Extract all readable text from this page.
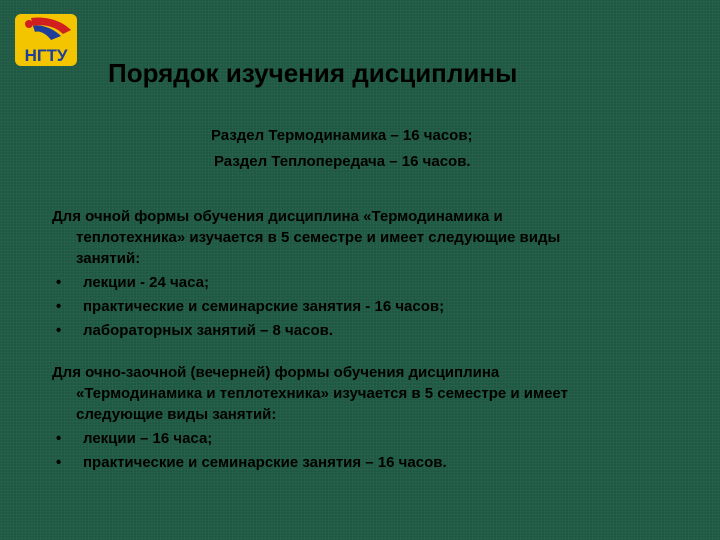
НГТУ
Порядок изучения дисциплины
Раздел Термодинамика – 16 часов;
Раздел Теплопередача – 16 часов.
Для очной формы обучения дисциплина «Термодинамика и
теплотехника» изучается в 5 семестре и имеет следующие виды
занятий:
• лекции - 24 часа;
• практические и семинарские занятия - 16 часов;
• лабораторных занятий – 8 часов.
Для очно-заочной (вечерней) формы обучения дисциплина
«Термодинамика и теплотехника» изучается в 5 семестре и имеет
следующие виды занятий:
• лекции – 16 часа;
• практические и семинарские занятия – 16 часов.
